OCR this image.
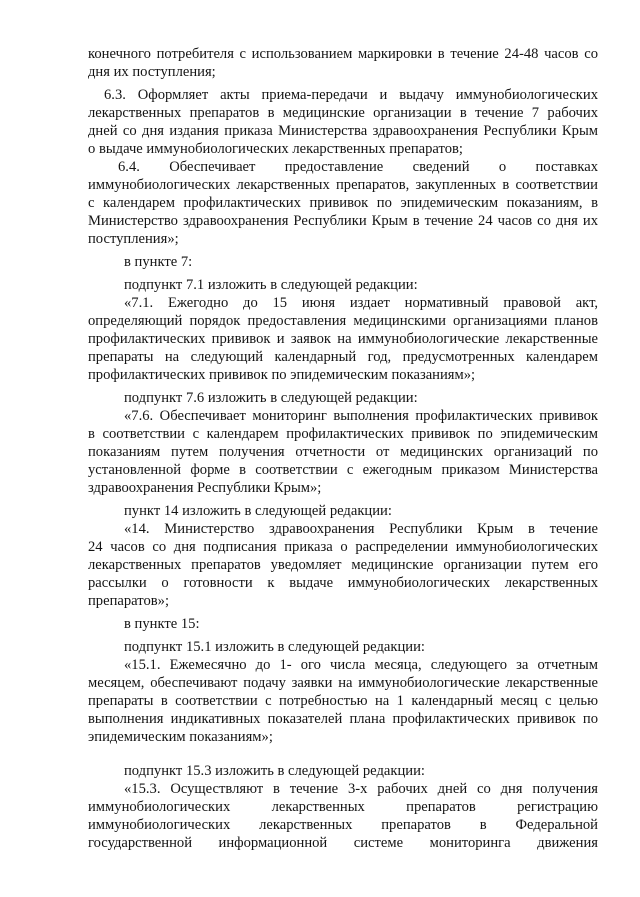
конечного потребителя с использованием маркировки в течение 24-48 часов со
дня их поступления;
6.3. Оформляет акты приема-передачи и выдачу иммунобиологических
лекарственных препаратов в медицинские организации в течение 7 рабочих
дней со дня издания приказа Министерства здравоохранения Республики Крым
о выдаче иммунобиологических лекарственных препаратов;
6.4. Обеспечивает предоставление сведений о поставках
иммунобиологических лекарственных препаратов, закупленных в соответствии
с календарем профилактических прививок по эпидемическим показаниям, в
Министерство здравоохранения Республики Крым в течение 24 часов со дня их
поступления»;
в пункте 7:
подпункт 7.1 изложить в следующей редакции:
«7.1. Ежегодно до 15 июня издает нормативный правовой акт,
определяющий порядок предоставления медицинскими организациями планов
профилактических прививок и заявок на иммунобиологические лекарственные
препараты на следующий календарный год, предусмотренных календарем
профилактических прививок по эпидемическим показаниям»;
подпункт 7.6 изложить в следующей редакции:
«7.6. Обеспечивает мониторинг выполнения профилактических прививок
в соответствии с календарем профилактических прививок по эпидемическим
показаниям путем получения отчетности от медицинских организаций по
установленной форме в соответствии с ежегодным приказом Министерства
здравоохранения Республики Крым»;
пункт 14 изложить в следующей редакции:
«14. Министерство здравоохранения Республики Крым в течение
24 часов со дня подписания приказа о распределении иммунобиологических
лекарственных препаратов уведомляет медицинские организации путем его
рассылки о готовности к выдаче иммунобиологических лекарственных
препаратов»;
в пункте 15:
подпункт 15.1 изложить в следующей редакции:
«15.1. Ежемесячно до 1- ого числа месяца, следующего за отчетным
месяцем, обеспечивают подачу заявки на иммунобиологические лекарственные
препараты в соответствии с потребностью на 1 календарный месяц с целью
выполнения индикативных показателей плана профилактических прививок по
эпидемическим показаниям»;
подпункт 15.3 изложить в следующей редакции:
«15.3. Осуществляют в течение 3-х рабочих дней со дня получения
иммунобиологических лекарственных препаратов регистрацию
иммунобиологических лекарственных препаратов в Федеральной
государственной информационной системе мониторинга движения
